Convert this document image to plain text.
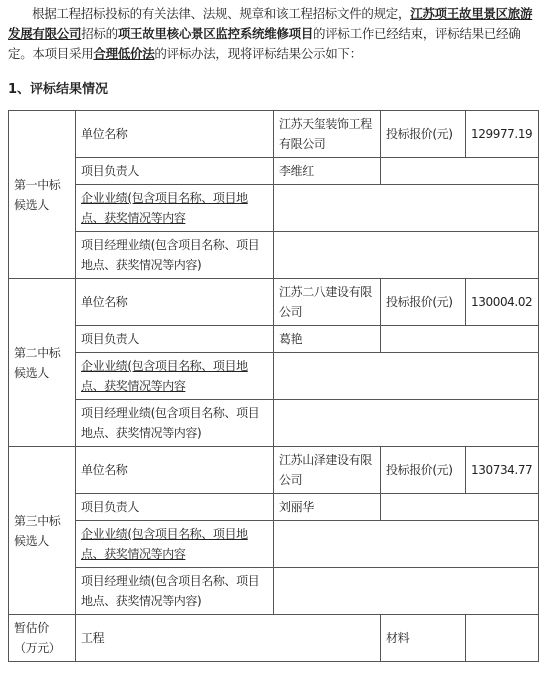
根据工程招标投标的有关法律、法规、规章和该工程招标文件的规定，江苏项王故里景区旅游发展有限公司招标的项王故里核心景区监控系统维修项目的评标工作已经结束，评标结果已经确定。本项目采用合理低价法的评标办法，现将评标结果公示如下：
1、评标结果情况
第一中标候选人	单位名称	江苏天玺装饰工程有限公司	投标报价(元)	129977.19
	项目负责人	李维红		
	企业业绩(包含项目名称、项目地点、获奖情况等内容			
	项目经理业绩(包含项目名称、项目地点、获奖情况等内容)			
第二中标候选人	单位名称	江苏二八建设有限公司	投标报价(元)	130004.02
	项目负责人	葛艳		
	企业业绩(包含项目名称、项目地点、获奖情况等内容			
	项目经理业绩(包含项目名称、项目地点、获奖情况等内容)			
第三中标候选人	单位名称	江苏山泽建设有限公司	投标报价(元)	130734.77
	项目负责人	刘丽华		
	企业业绩(包含项目名称、项目地点、获奖情况等内容			
	项目经理业绩(包含项目名称、项目地点、获奖情况等内容)			
暂估价（万元）	工程		材料	
